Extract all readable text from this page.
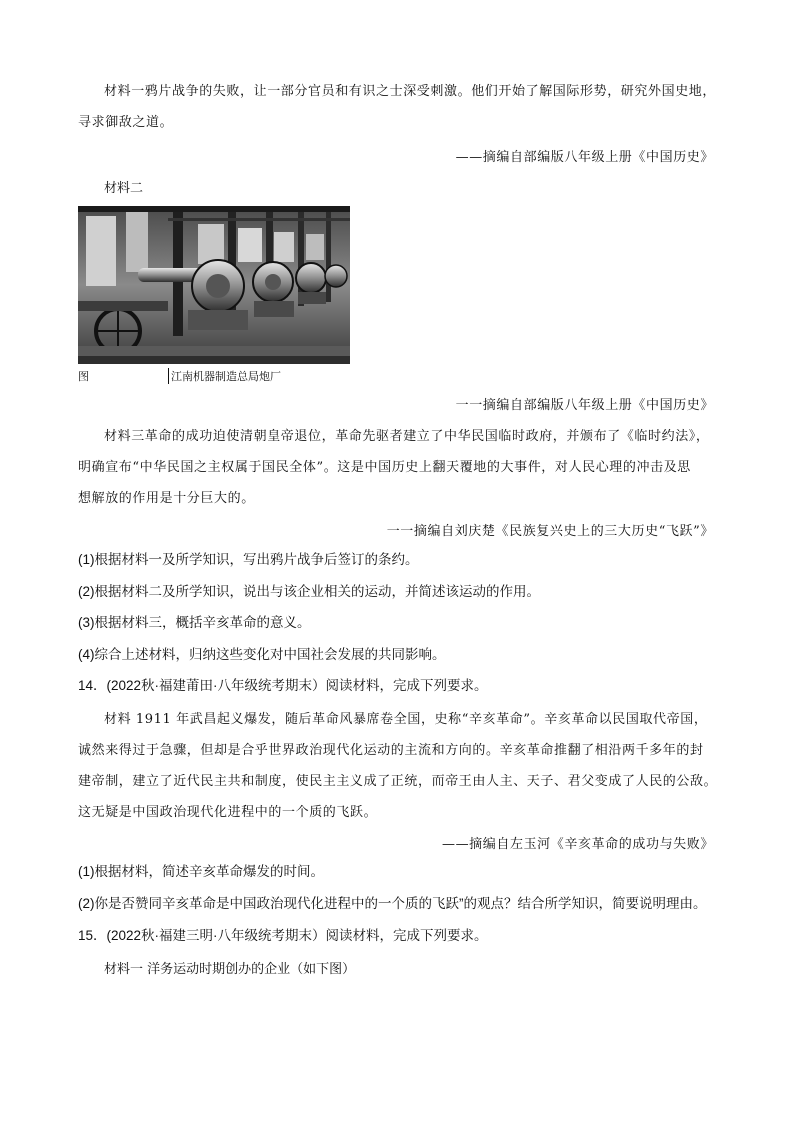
材料一鸦片战争的失败，让一部分官员和有识之士深受刺激。他们开始了解国际形势，研究外国史地，
寻求御敌之道。
——摘编自部编版八年级上册《中国历史》
材料二
图	江南机器制造总局炮厂
一一摘编自部编版八年级上册《中国历史》
材料三革命的成功迫使清朝皇帝退位，革命先驱者建立了中华民国临时政府，并颁布了《临时约法》，
明确宣布“中华民国之主权属于国民全体”。这是中国历史上翻天覆地的大事件，对人民心理的冲击及思
想解放的作用是十分巨大的。
一一摘编自刘庆楚《民族复兴史上的三大历史“飞跃”》
(1)根据材料一及所学知识，写出鸦片战争后签订的条约。
(2)根据材料二及所学知识，说出与该企业相关的运动，并简述该运动的作用。
(3)根据材料三，概括辛亥革命的意义。
(4)综合上述材料，归纳这些变化对中国社会发展的共同影响。
14．(2022秋·福建莆田·八年级统考期末）阅读材料，完成下列要求。
材料 1911 年武昌起义爆发，随后革命风暴席卷全国，史称“辛亥革命”。辛亥革命以民国取代帝国，
诚然来得过于急骤，但却是合乎世界政治现代化运动的主流和方向的。辛亥革命推翻了相沿两千多年的封
建帝制，建立了近代民主共和制度，使民主主义成了正统，而帝王由人主、天子、君父变成了人民的公敌。
这无疑是中国政治现代化进程中的一个质的飞跃。
——摘编自左玉河《辛亥革命的成功与失败》
(1)根据材料，简述辛亥革命爆发的时间。
(2)你是否赞同辛亥革命是中国政治现代化进程中的一个质的飞跃”的观点？结合所学知识，简要说明理由。
15．(2022秋·福建三明·八年级统考期末）阅读材料，完成下列要求。
材料一 洋务运动时期创办的企业（如下图）
